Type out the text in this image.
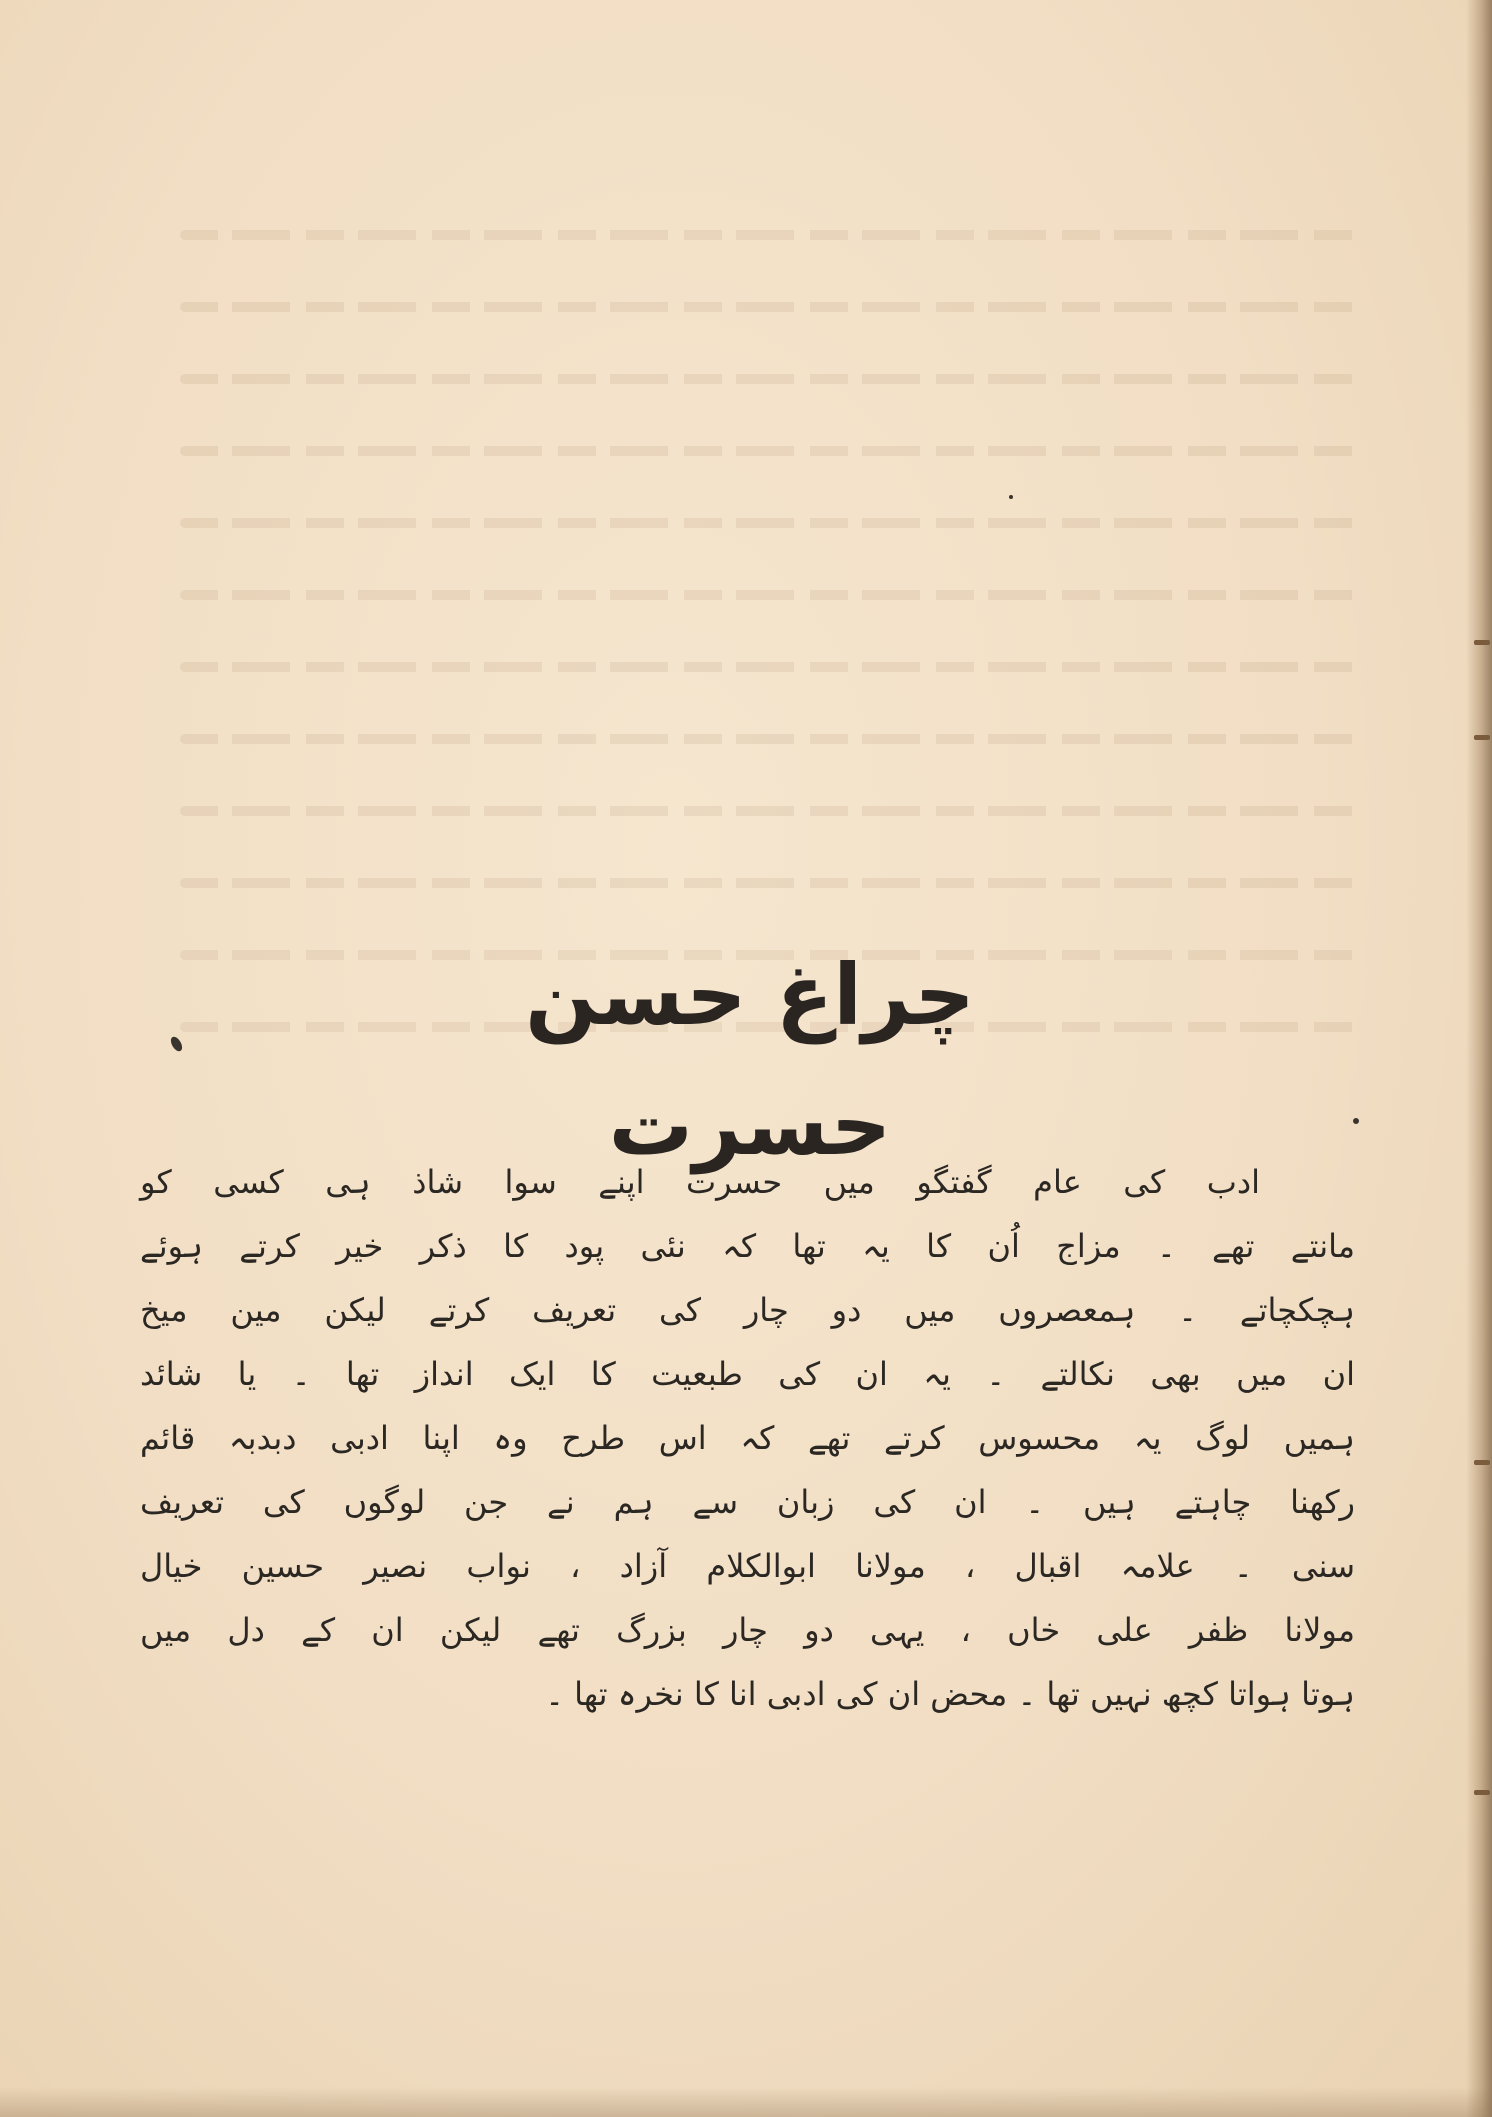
چراغ حسن حسرت
ادب کی عام گفتگو میں حسرت اپنے سوا شاذ ہی کسی کو
مانتے تھے ۔ مزاج اُن کا یہ تھا کہ نئی پود کا ذکر خیر کرتے ہوئے
ہچکچاتے ۔ ہمعصروں میں دو چار کی تعریف کرتے لیکن مین میخ
ان میں بھی نکالتے ۔ یہ ان کی طبعیت کا ایک انداز تھا ۔ یا شائد
ہمیں لوگ یہ محسوس کرتے تھے کہ اس طرح وہ اپنا ادبی دبدبہ قائم
رکھنا چاہتے ہیں ۔ ان کی زبان سے ہم نے جن لوگوں کی تعریف
سنی ۔ علامہ اقبال ، مولانا ابوالکلام آزاد ، نواب نصیر حسین خیال
مولانا ظفر علی خاں ، یہی دو چار بزرگ تھے لیکن ان کے دل میں
ہوتا ہواتا کچھ نہیں تھا ۔ محض ان کی ادبی انا کا نخرہ تھا ۔
